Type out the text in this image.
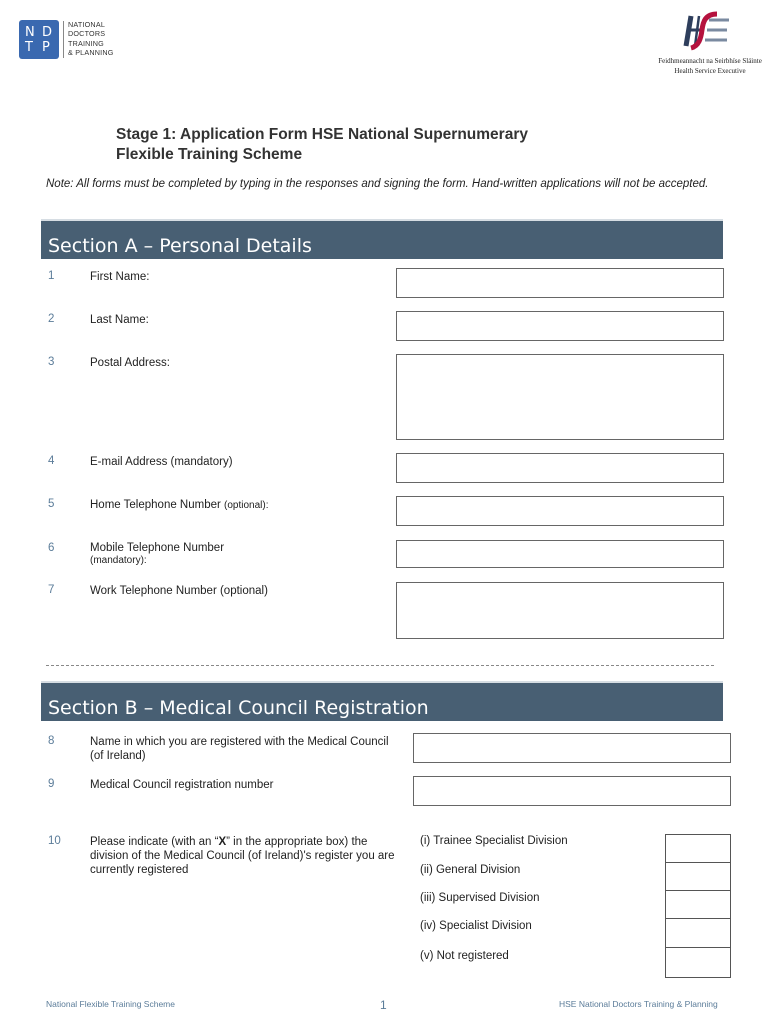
N D
T P
NATIONAL
DOCTORS
TRAINING
& PLANNING
Feidhmeannacht na Seirbhíse Sláinte
Health Service Executive
Stage 1: Application Form HSE National Supernumerary
Flexible Training Scheme
Note: All forms must be completed by typing in the responses and signing the form. Hand-written applications will not be accepted.
Section A – Personal Details
1	First Name:
2	Last Name:
3	Postal Address:
4	E-mail Address (mandatory)
5	Home Telephone Number (optional):
6	Mobile Telephone Number
(mandatory):
7	Work Telephone Number (optional)
Section B – Medical Council Registration
8	Name in which you are registered with the Medical Council (of Ireland)
9	Medical Council registration number
10	Please indicate (with an “X” in the appropriate box) the division of the Medical Council (of Ireland)'s register you are currently registered
(i) Trainee Specialist Division
(ii) General Division
(iii) Supervised Division
(iv) Specialist Division
(v) Not registered
National Flexible Training Scheme	1	HSE National Doctors Training & Planning
